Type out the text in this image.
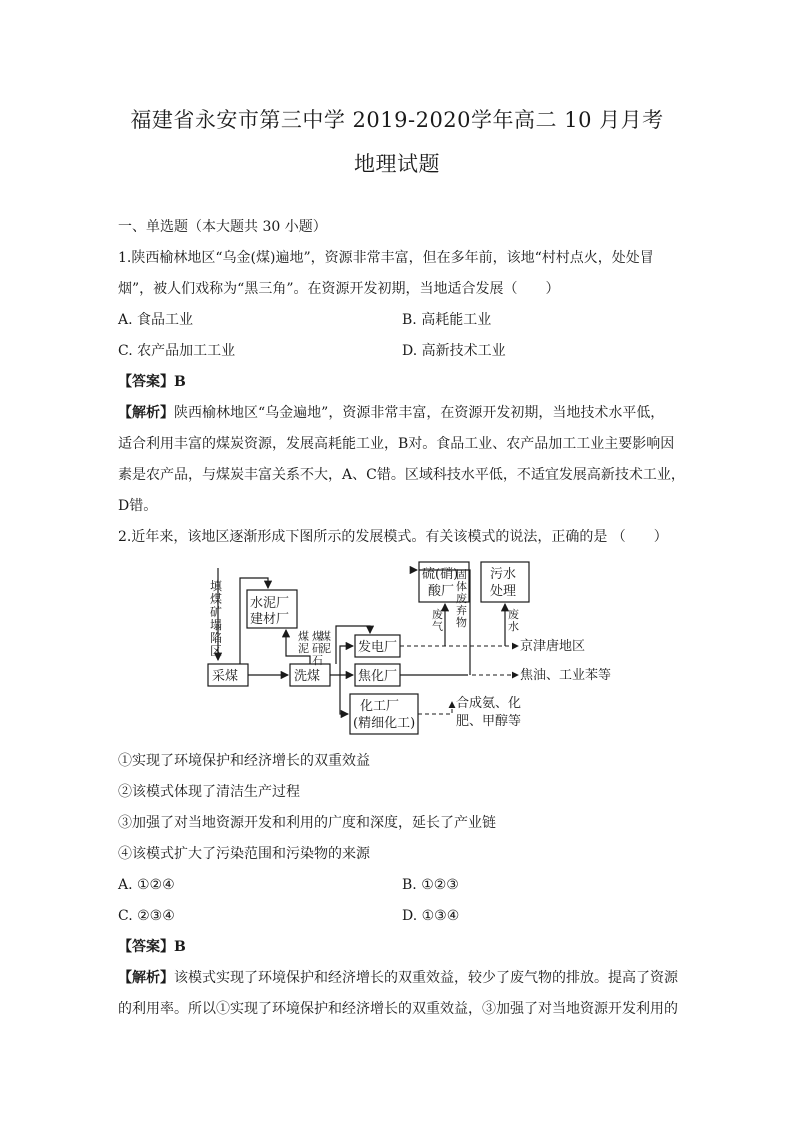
福建省永安市第三中学 2019-2020学年高二 10 月月考
地理试题
一、单选题（本大题共 30 小题）
1.陕西榆林地区“乌金(煤)遍地”，资源非常丰富，但在多年前，该地“村村点火，处处冒
烟”，被人们戏称为“黑三角”。在资源开发初期，当地适合发展（　　）
A. 食品工业	B. 高耗能工业
C. 农产品加工工业	D. 高新技术工业
【答案】B
【解析】陕西榆林地区“乌金遍地”，资源非常丰富，在资源开发初期，当地技术水平低，
适合利用丰富的煤炭资源，发展高耗能工业，B对。食品工业、农产品加工工业主要影响因
素是农产品，与煤炭丰富关系不大，A、C错。区域科技水平低，不适宜发展高新技术工业，
D错。
2.近年来，该地区逐渐形成下图所示的发展模式。有关该模式的说法，正确的是 （　　）
填
煤
矿
塌
陷
区
水泥厂
建材厂
采煤	洗煤
发电厂
焦化厂
化工厂
(精细化工)
硫(硝)
酸厂
污水
处理
京津唐地区
焦油、工业苯等
合成氨、化
肥、甲醇等
煤
泥
煤
矸
石
煤
泥
固
体
废
弃
物
废
气
废
水
①实现了环境保护和经济增长的双重效益
②该模式体现了清洁生产过程
③加强了对当地资源开发和利用的广度和深度，延长了产业链
④该模式扩大了污染范围和污染物的来源
A. ①②④	B. ①②③
C. ②③④	D. ①③④
【答案】B
【解析】该模式实现了环境保护和经济增长的双重效益，较少了废气物的排放。提高了资源
的利用率。所以①实现了环境保护和经济增长的双重效益，③加强了对当地资源开发利用的
